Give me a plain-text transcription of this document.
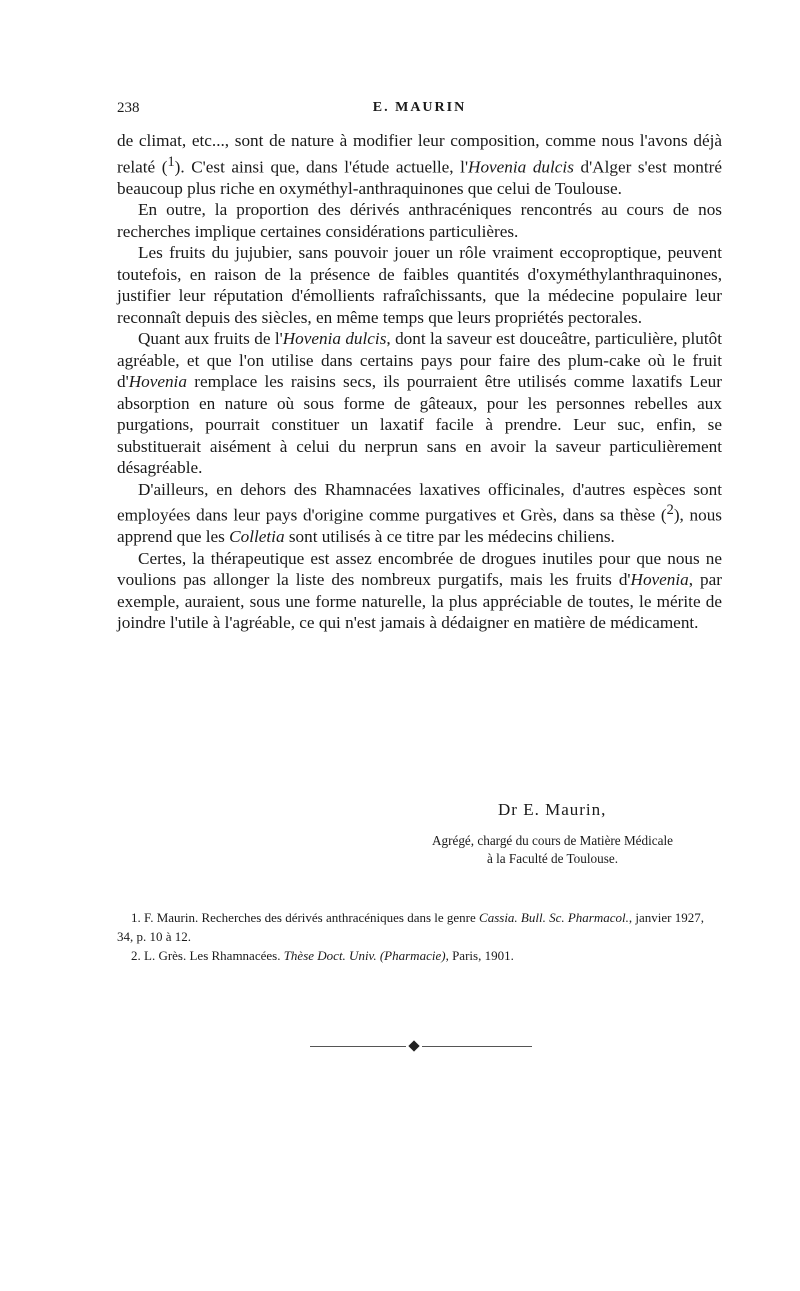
238	E. MAURIN

de climat, etc..., sont de nature à modifier leur composition, comme nous l'avons déjà relaté ($^1$). C'est ainsi que, dans l'étude actuelle, l'Hovenia dulcis d'Alger s'est montré beaucoup plus riche en oxyméthyl-anthraquinones que celui de Toulouse.

En outre, la proportion des dérivés anthracéniques rencontrés au cours de nos recherches implique certaines considérations particulières.

Les fruits du jujubier, sans pouvoir jouer un rôle vraiment eccoproptique, peuvent toutefois, en raison de la présence de faibles quantités d'oxyméthylanthraquinones, justifier leur réputation d'émollients rafraîchissants, que la médecine populaire leur reconnaît depuis des siècles, en même temps que leurs propriétés pectorales.

Quant aux fruits de l'Hovenia dulcis, dont la saveur est douceâtre, particulière, plutôt agréable, et que l'on utilise dans certains pays pour faire des plum-cake où le fruit d'Hovenia remplace les raisins secs, ils pourraient être utilisés comme laxatifs Leur absorption en nature où sous forme de gâteaux, pour les personnes rebelles aux purgations, pourrait constituer un laxatif facile à prendre. Leur suc, enfin, se substituerait aisément à celui du nerprun sans en avoir la saveur particulièrement désagréable.

D'ailleurs, en dehors des Rhamnacées laxatives officinales, d'autres espèces sont employées dans leur pays d'origine comme purgatives et Grès, dans sa thèse ($^2$), nous apprend que les Colletia sont utilisés à ce titre par les médecins chiliens.

Certes, la thérapeutique est assez encombrée de drogues inutiles pour que nous ne voulions pas allonger la liste des nombreux purgatifs, mais les fruits d'Hovenia, par exemple, auraient, sous une forme naturelle, la plus appréciable de toutes, le mérite de joindre l'utile à l'agréable, ce qui n'est jamais à dédaigner en matière de médicament.

Dr E. Maurin,
Agrégé, chargé du cours de Matière Médicale
à la Faculté de Toulouse.

1. F. Maurin. Recherches des dérivés anthracéniques dans le genre Cassia. Bull. Sc. Pharmacol., janvier 1927, 34, p. 10 à 12.

2. L. Grès. Les Rhamnacées. Thèse Doct. Univ. (Pharmacie), Paris, 1901.
